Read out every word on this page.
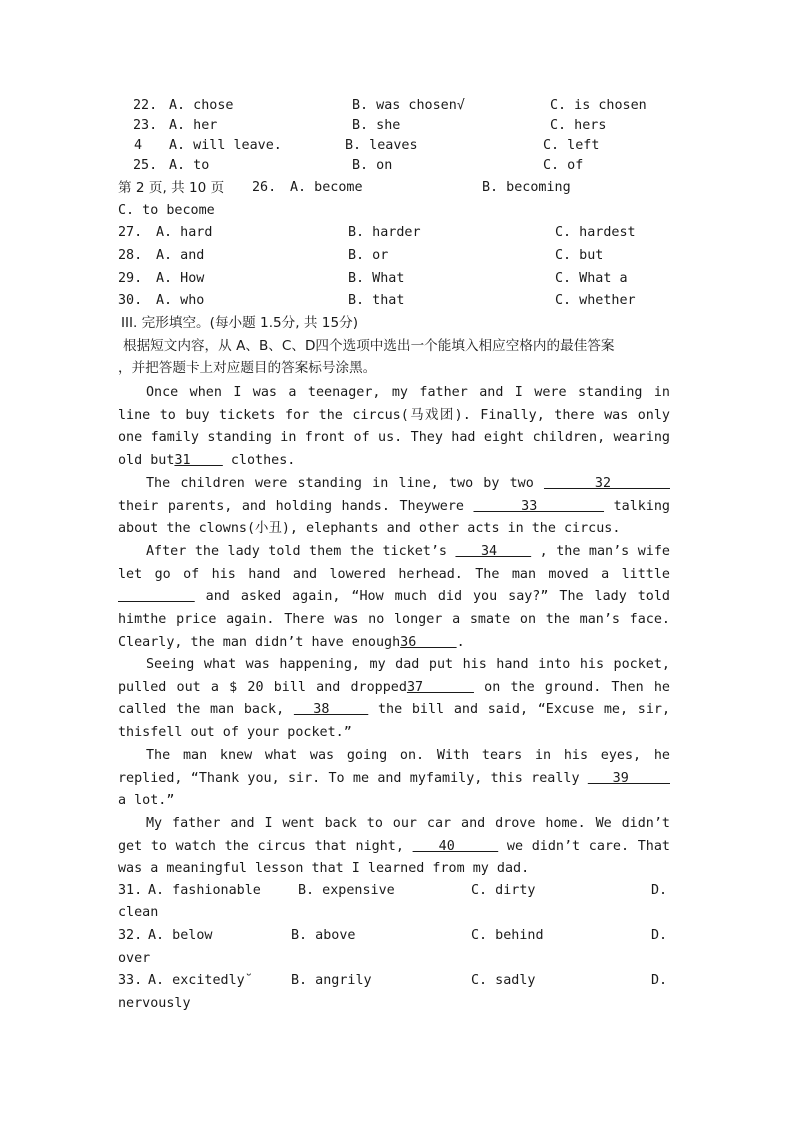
22. A. chose	B. was chosen√	C. is chosen
23. A. her	B. she	C. hers
4 A. will leave.	B. leaves	C. left
25. A. to	B. on	C. of
第 2 页, 共 10 页 26. A. become	B. becoming
C. to become
27. A. hard	B. harder	C. hardest
28. A. and	B. or	C. but
29. A. How	B. What	C. What a
30. A. who	B. that	C. whether
III. 完形填空。(每小题 1.5分, 共 15分)
根据短文内容，从 A、B、C、D四个选项中选出一个能填入相应空格内的最佳答案
，并把答题卡上对应题目的答案标号涂黑。

Once when I was a teenager, my father and I were standing in line to buy tickets for the circus(马戏团). Finally, there was only one family standing in front of us. They had eight children, wearing old but31     clothes.

The children were standing in line, two by two      32       their parents, and holding hands. Theywere      33        talking about the clowns(小丑), elephants and other acts in the circus.

After the lady told them the ticket’s    34     , the man’s wife let go of his hand and lowered herhead. The man moved a little         and asked again, “How much did you say?” The lady told himthe price again. There was no longer a smate on the man’s face. Clearly, the man didn’t have enough36     .

Seeing what was happening, my dad put his hand into his pocket, pulled out a $ 20 bill and dropped37      on the ground. Then he called the man back,   38     the bill and said, “Excuse me, sir, thisfell out of your pocket.”

The man knew what was going on. With tears in his eyes, he replied, “Thank you, sir. To me and myfamily, this really    39      a lot.”

My father and I went back to our car and drove home. We didn’t get to watch the circus that night,    40      we didn’t care. That was a meaningful lesson that I learned from my dad.

31. A. fashionable	B. expensive	C. dirty	D.
clean
32. A. below	B. above	C. behind	D.
over
33. A. excitedly˘	B. angrily	C. sadly	D.
nervously
